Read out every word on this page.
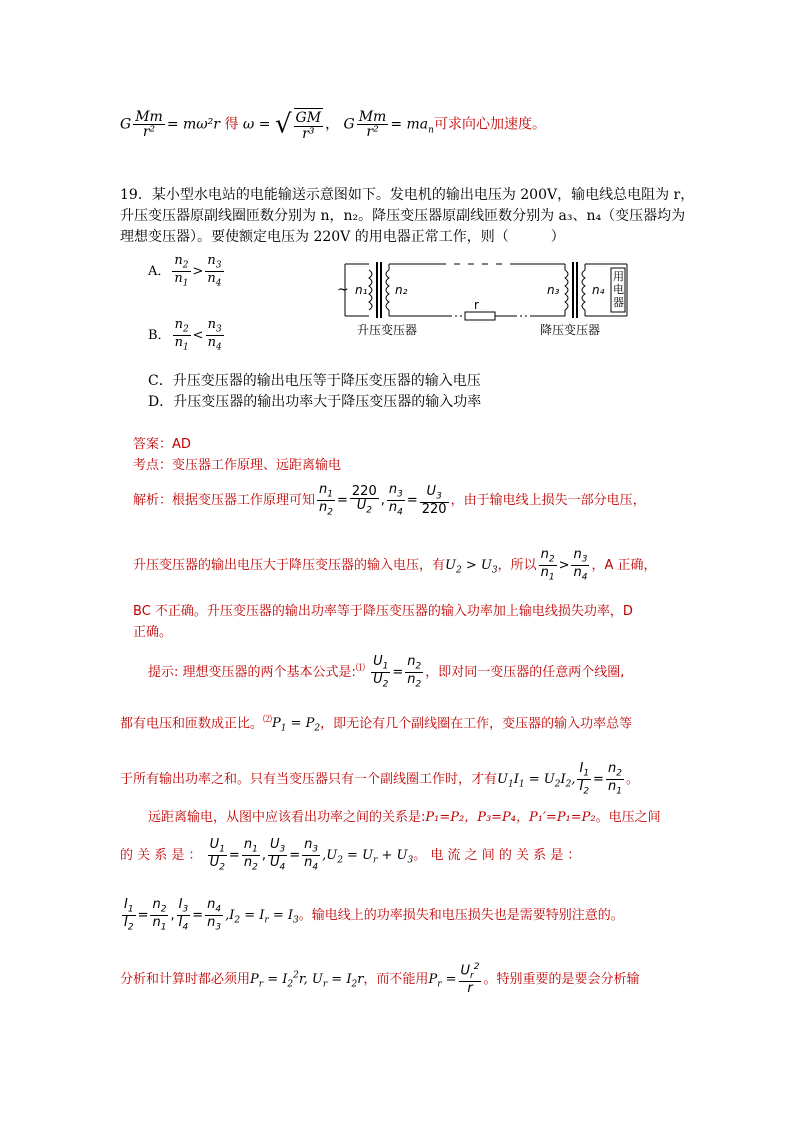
G $\frac{Mm}{\text{r²}} = m\omega^2r$ 得 ω = √ $\frac{GM}{\text{r³}}$ ， G $\frac{Mm}{\text{r²}} = ma_n$可求向心加速度。
19．某小型水电站的电能输送示意图如下。发电机的输出电压为 200V，输电线总电阻为 r，
升压变压器原副线圈匝数分别为 n，n₂。降压变压器原副线匝数分别为 a₃、n₄（变压器均为
理想变压器）。要使额定电压为 220V 的用电器正常工作，则（　　　）
A． $\frac{n_2}{n_1} > \frac{n_3}{n_4}$
B． $\frac{n_2}{n_1} < \frac{n_3}{n_4}$
~ n₁ n₂
r
n₃	n₄
用
电
器
升压变压器	降压变压器
C．升压变压器的输出电压等于降压变压器的输入电压
D．升压变压器的输出功率大于降压变压器的输入功率
答案：AD
考点：变压器工作原理、远距离输电
解析：根据变压器工作原理可知 $\frac{n_1}{n_2} = \frac{220}{U_2}$ , $\frac{n_3}{n_4} = \frac{U_3}{220}$ ，由于输电线上损失一部分电压，
升压变压器的输出电压大于降压变压器的输入电压，有$U_2 > U_3$，所以 $\frac{n_2}{n_1} > \frac{n_3}{n_4}$ ，A 正确，
BC 不正确。升压变压器的输出功率等于降压变压器的输入功率加上输电线损失功率，D
正确。
提示: 理想变压器的两个基本公式是:⑴ $\frac{U_1}{U_2} = \frac{n_2}{n_2}$ ，即对同一变压器的任意两个线圈,
都有电压和匝数成正比。$^⑵P_1 = P_2$，即无论有几个副线圈在工作，变压器的输入功率总等
于所有输出功率之和。只有当变压器只有一个副线圈工作时，才有$U_1I_1 = U_2I_2$, $\frac{I_1}{I_2} = \frac{n_2}{n_1}$ 。
远距离输电，从图中应该看出功率之间的关系是:P₁=P₂，P₃=P₄，P₁′=P₁=P₂。电压之间
的 关 系 是 ： $\frac{U_1}{U_2} = \frac{n_1}{n_2}$ , $\frac{U_3}{U_4} = \frac{n_3}{n_4} ,U_2 = U_r + U_3$。 电 流 之 间 的 关 系 是 ：
$\frac{I_1}{I_2} = \frac{n_2}{n_1}$ , $\frac{I_3}{I_4} = \frac{n_4}{n_3} ,I_2 = I_r = I_3$。输电线上的功率损失和电压损失也是需要特别注意的。
分析和计算时都必须用$P_r = I_2^2r$, $U_r = I_2r$，而不能用$P_r = \frac{U_r^2}{r}$ 。特别重要的是要会分析输
